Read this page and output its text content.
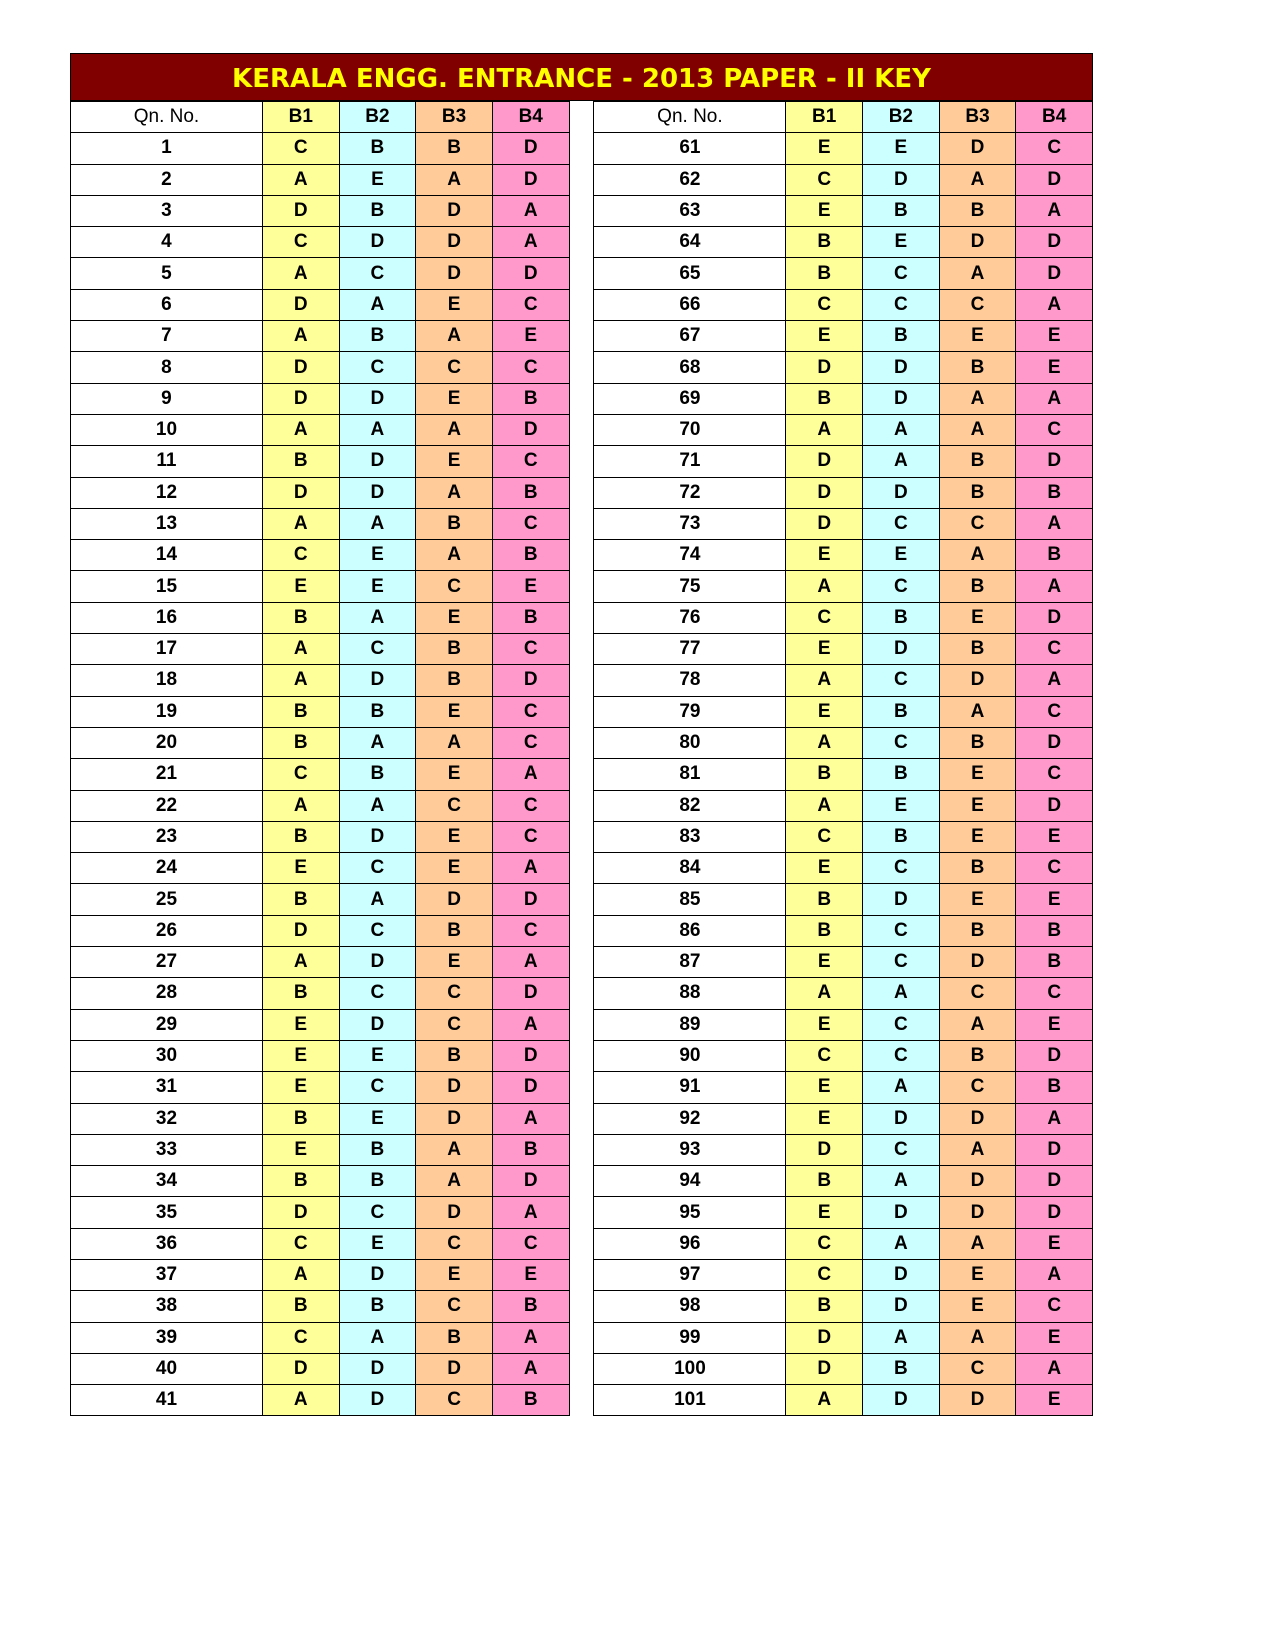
KERALA ENGG. ENTRANCE - 2013 PAPER - II KEY
Qn. No.	B1	B2	B3	B4
1	C	B	B	D
2	A	E	A	D
3	D	B	D	A
4	C	D	D	A
5	A	C	D	D
6	D	A	E	C
7	A	B	A	E
8	D	C	C	C
9	D	D	E	B
10	A	A	A	D
11	B	D	E	C
12	D	D	A	B
13	A	A	B	C
14	C	E	A	B
15	E	E	C	E
16	B	A	E	B
17	A	C	B	C
18	A	D	B	D
19	B	B	E	C
20	B	A	A	C
21	C	B	E	A
22	A	A	C	C
23	B	D	E	C
24	E	C	E	A
25	B	A	D	D
26	D	C	B	C
27	A	D	E	A
28	B	C	C	D
29	E	D	C	A
30	E	E	B	D
31	E	C	D	D
32	B	E	D	A
33	E	B	A	B
34	B	B	A	D
35	D	C	D	A
36	C	E	C	C
37	A	D	E	E
38	B	B	C	B
39	C	A	B	A
40	D	D	D	A
41	A	D	C	B
Qn. No.	B1	B2	B3	B4
61	E	E	D	C
62	C	D	A	D
63	E	B	B	A
64	B	E	D	D
65	B	C	A	D
66	C	C	C	A
67	E	B	E	E
68	D	D	B	E
69	B	D	A	A
70	A	A	A	C
71	D	A	B	D
72	D	D	B	B
73	D	C	C	A
74	E	E	A	B
75	A	C	B	A
76	C	B	E	D
77	E	D	B	C
78	A	C	D	A
79	E	B	A	C
80	A	C	B	D
81	B	B	E	C
82	A	E	E	D
83	C	B	E	E
84	E	C	B	C
85	B	D	E	E
86	B	C	B	B
87	E	C	D	B
88	A	A	C	C
89	E	C	A	E
90	C	C	B	D
91	E	A	C	B
92	E	D	D	A
93	D	C	A	D
94	B	A	D	D
95	E	D	D	D
96	C	A	A	E
97	C	D	E	A
98	B	D	E	C
99	D	A	A	E
100	D	B	C	A
101	A	D	D	E
